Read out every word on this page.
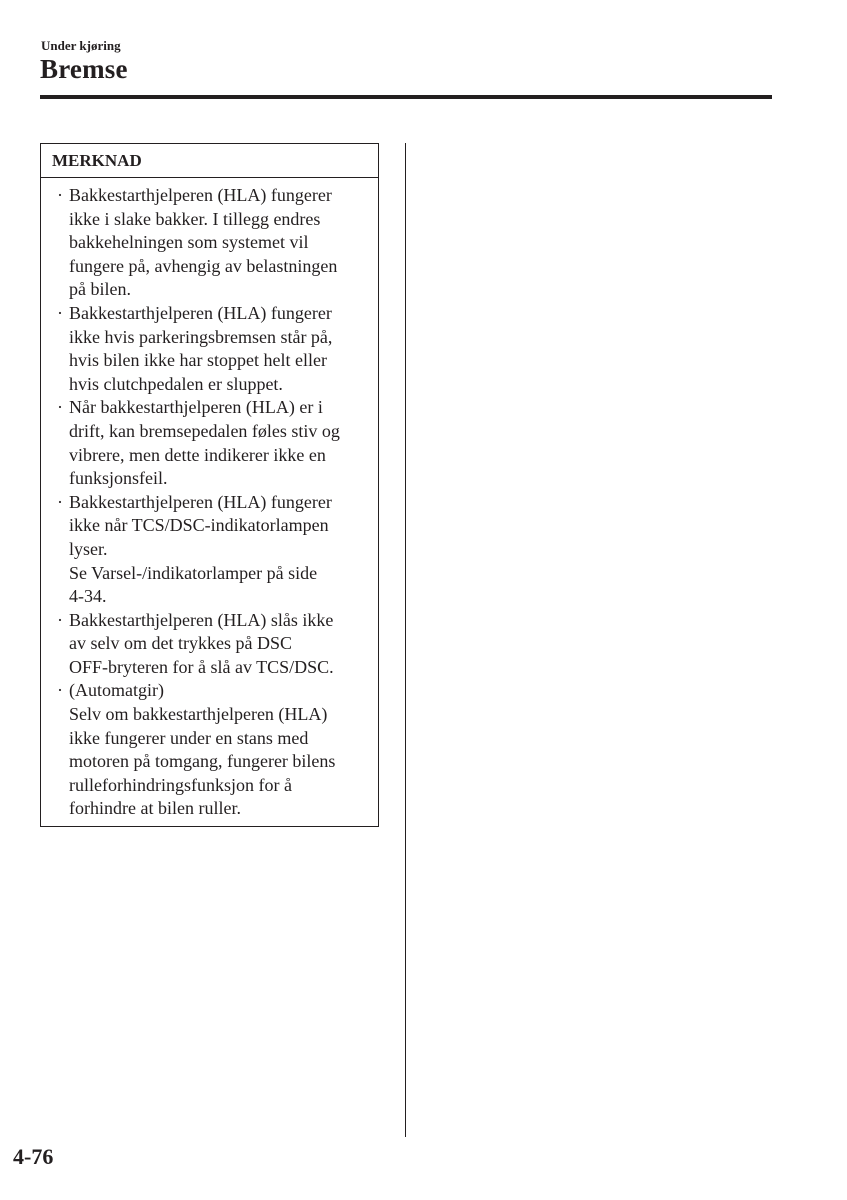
Under kjøring
Bremse
MERKNAD
· Bakkestarthjelperen (HLA) fungerer
ikke i slake bakker. I tillegg endres
bakkehelningen som systemet vil
fungere på, avhengig av belastningen
på bilen.
· Bakkestarthjelperen (HLA) fungerer
ikke hvis parkeringsbremsen står på,
hvis bilen ikke har stoppet helt eller
hvis clutchpedalen er sluppet.
· Når bakkestarthjelperen (HLA) er i
drift, kan bremsepedalen føles stiv og
vibrere, men dette indikerer ikke en
funksjonsfeil.
· Bakkestarthjelperen (HLA) fungerer
ikke når TCS/DSC-indikatorlampen
lyser.
Se Varsel-/indikatorlamper på side
4-34.
· Bakkestarthjelperen (HLA) slås ikke
av selv om det trykkes på DSC
OFF-bryteren for å slå av TCS/DSC.
· (Automatgir)
Selv om bakkestarthjelperen (HLA)
ikke fungerer under en stans med
motoren på tomgang, fungerer bilens
rulleforhindringsfunksjon for å
forhindre at bilen ruller.
4-76
